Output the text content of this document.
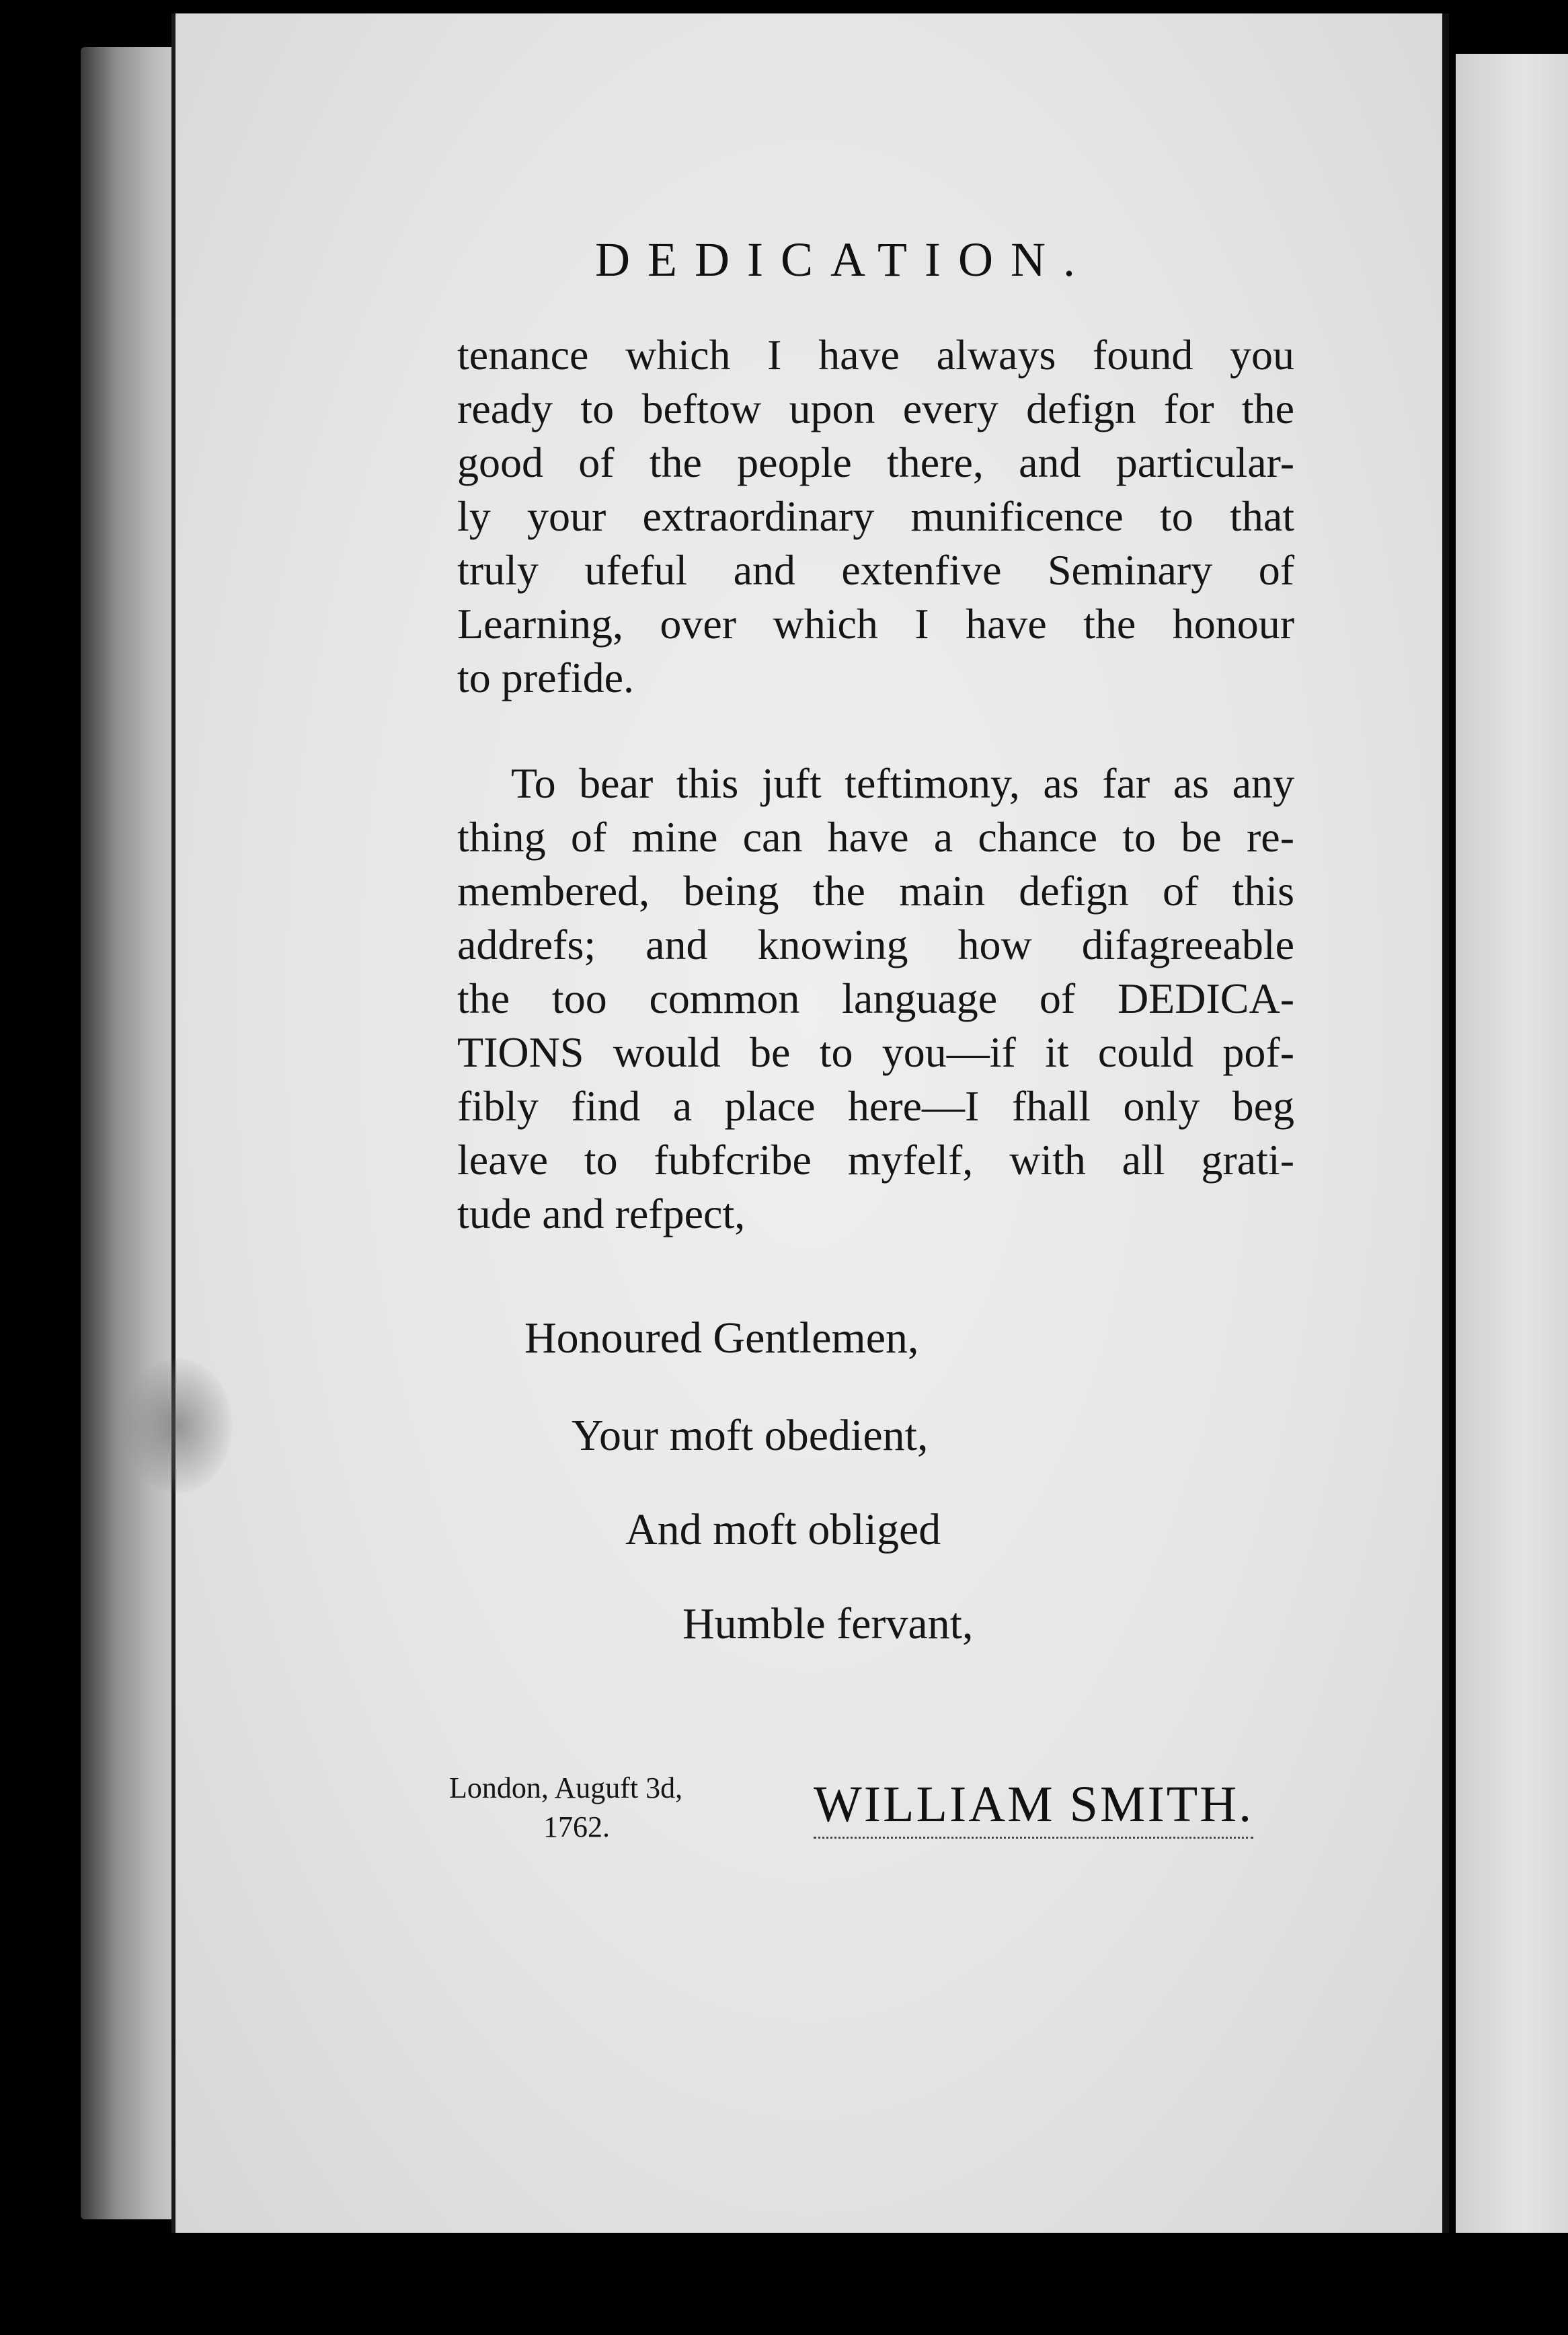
DEDICATION.
tenance which I have always found you
ready to beftow upon every defign for the
good of the people there, and particular-
ly your extraordinary munificence to that
truly ufeful and extenfive Seminary of
Learning, over which I have the honour
to prefide.
To bear this juft teftimony, as far as any
thing of mine can have a chance to be re-
membered, being the main defign of this
addrefs; and knowing how difagreeable
the too common language of DEDICA-
TIONS would be to you—if it could pof-
fibly find a place here—I fhall only beg
leave to fubfcribe myfelf, with all grati-
tude and refpect,
Honoured Gentlemen,
Your moft obedient,
And moft obliged
Humble fervant,
London, Auguft 3d,
1762.	WILLIAM SMITH.
